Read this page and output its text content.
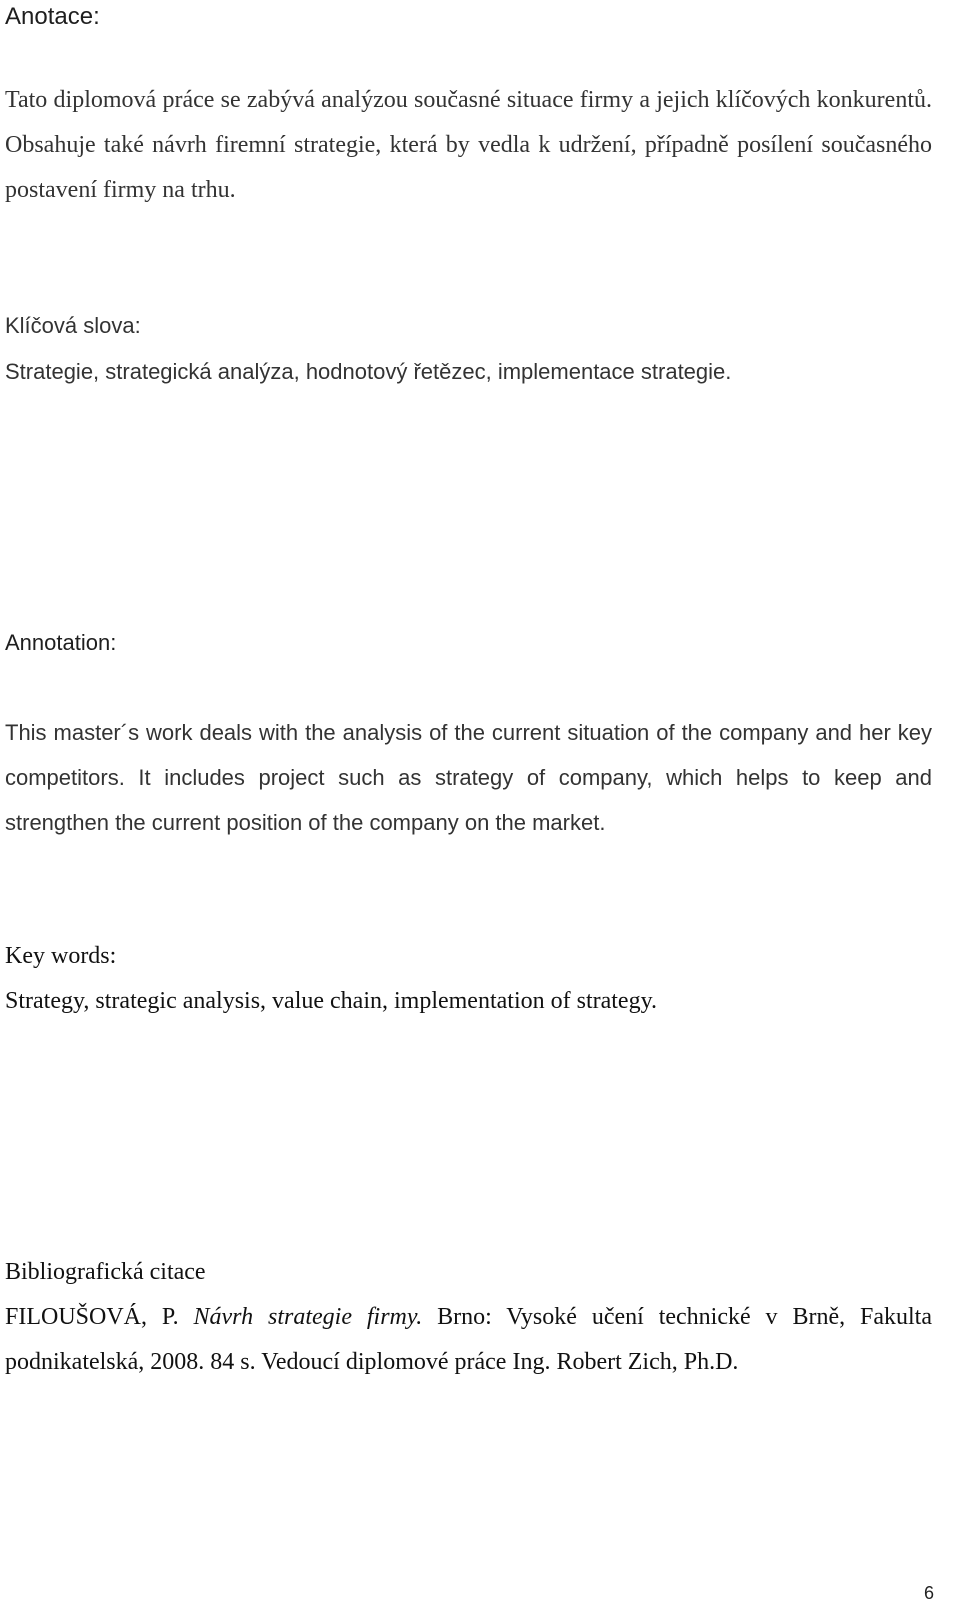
Anotace:

Tato diplomová práce se zabývá analýzou současné situace firmy a jejich klíčových konkurentů. Obsahuje také návrh firemní strategie, která by vedla k udržení, případně posílení současného postavení firmy na trhu.

Klíčová slova:

Strategie, strategická analýza, hodnotový řetězec, implementace strategie.

Annotation:

This master´s work deals with the analysis of the current situation of the company and her key competitors. It includes project such as strategy of company, which helps to keep and strengthen the current position of the company on the market.

Key words:

Strategy, strategic analysis, value chain, implementation of strategy.

Bibliografická citace

FILOUŠOVÁ, P. Návrh strategie firmy. Brno: Vysoké učení technické v Brně, Fakulta podnikatelská, 2008. 84 s. Vedoucí diplomové práce Ing. Robert Zich, Ph.D.

6
